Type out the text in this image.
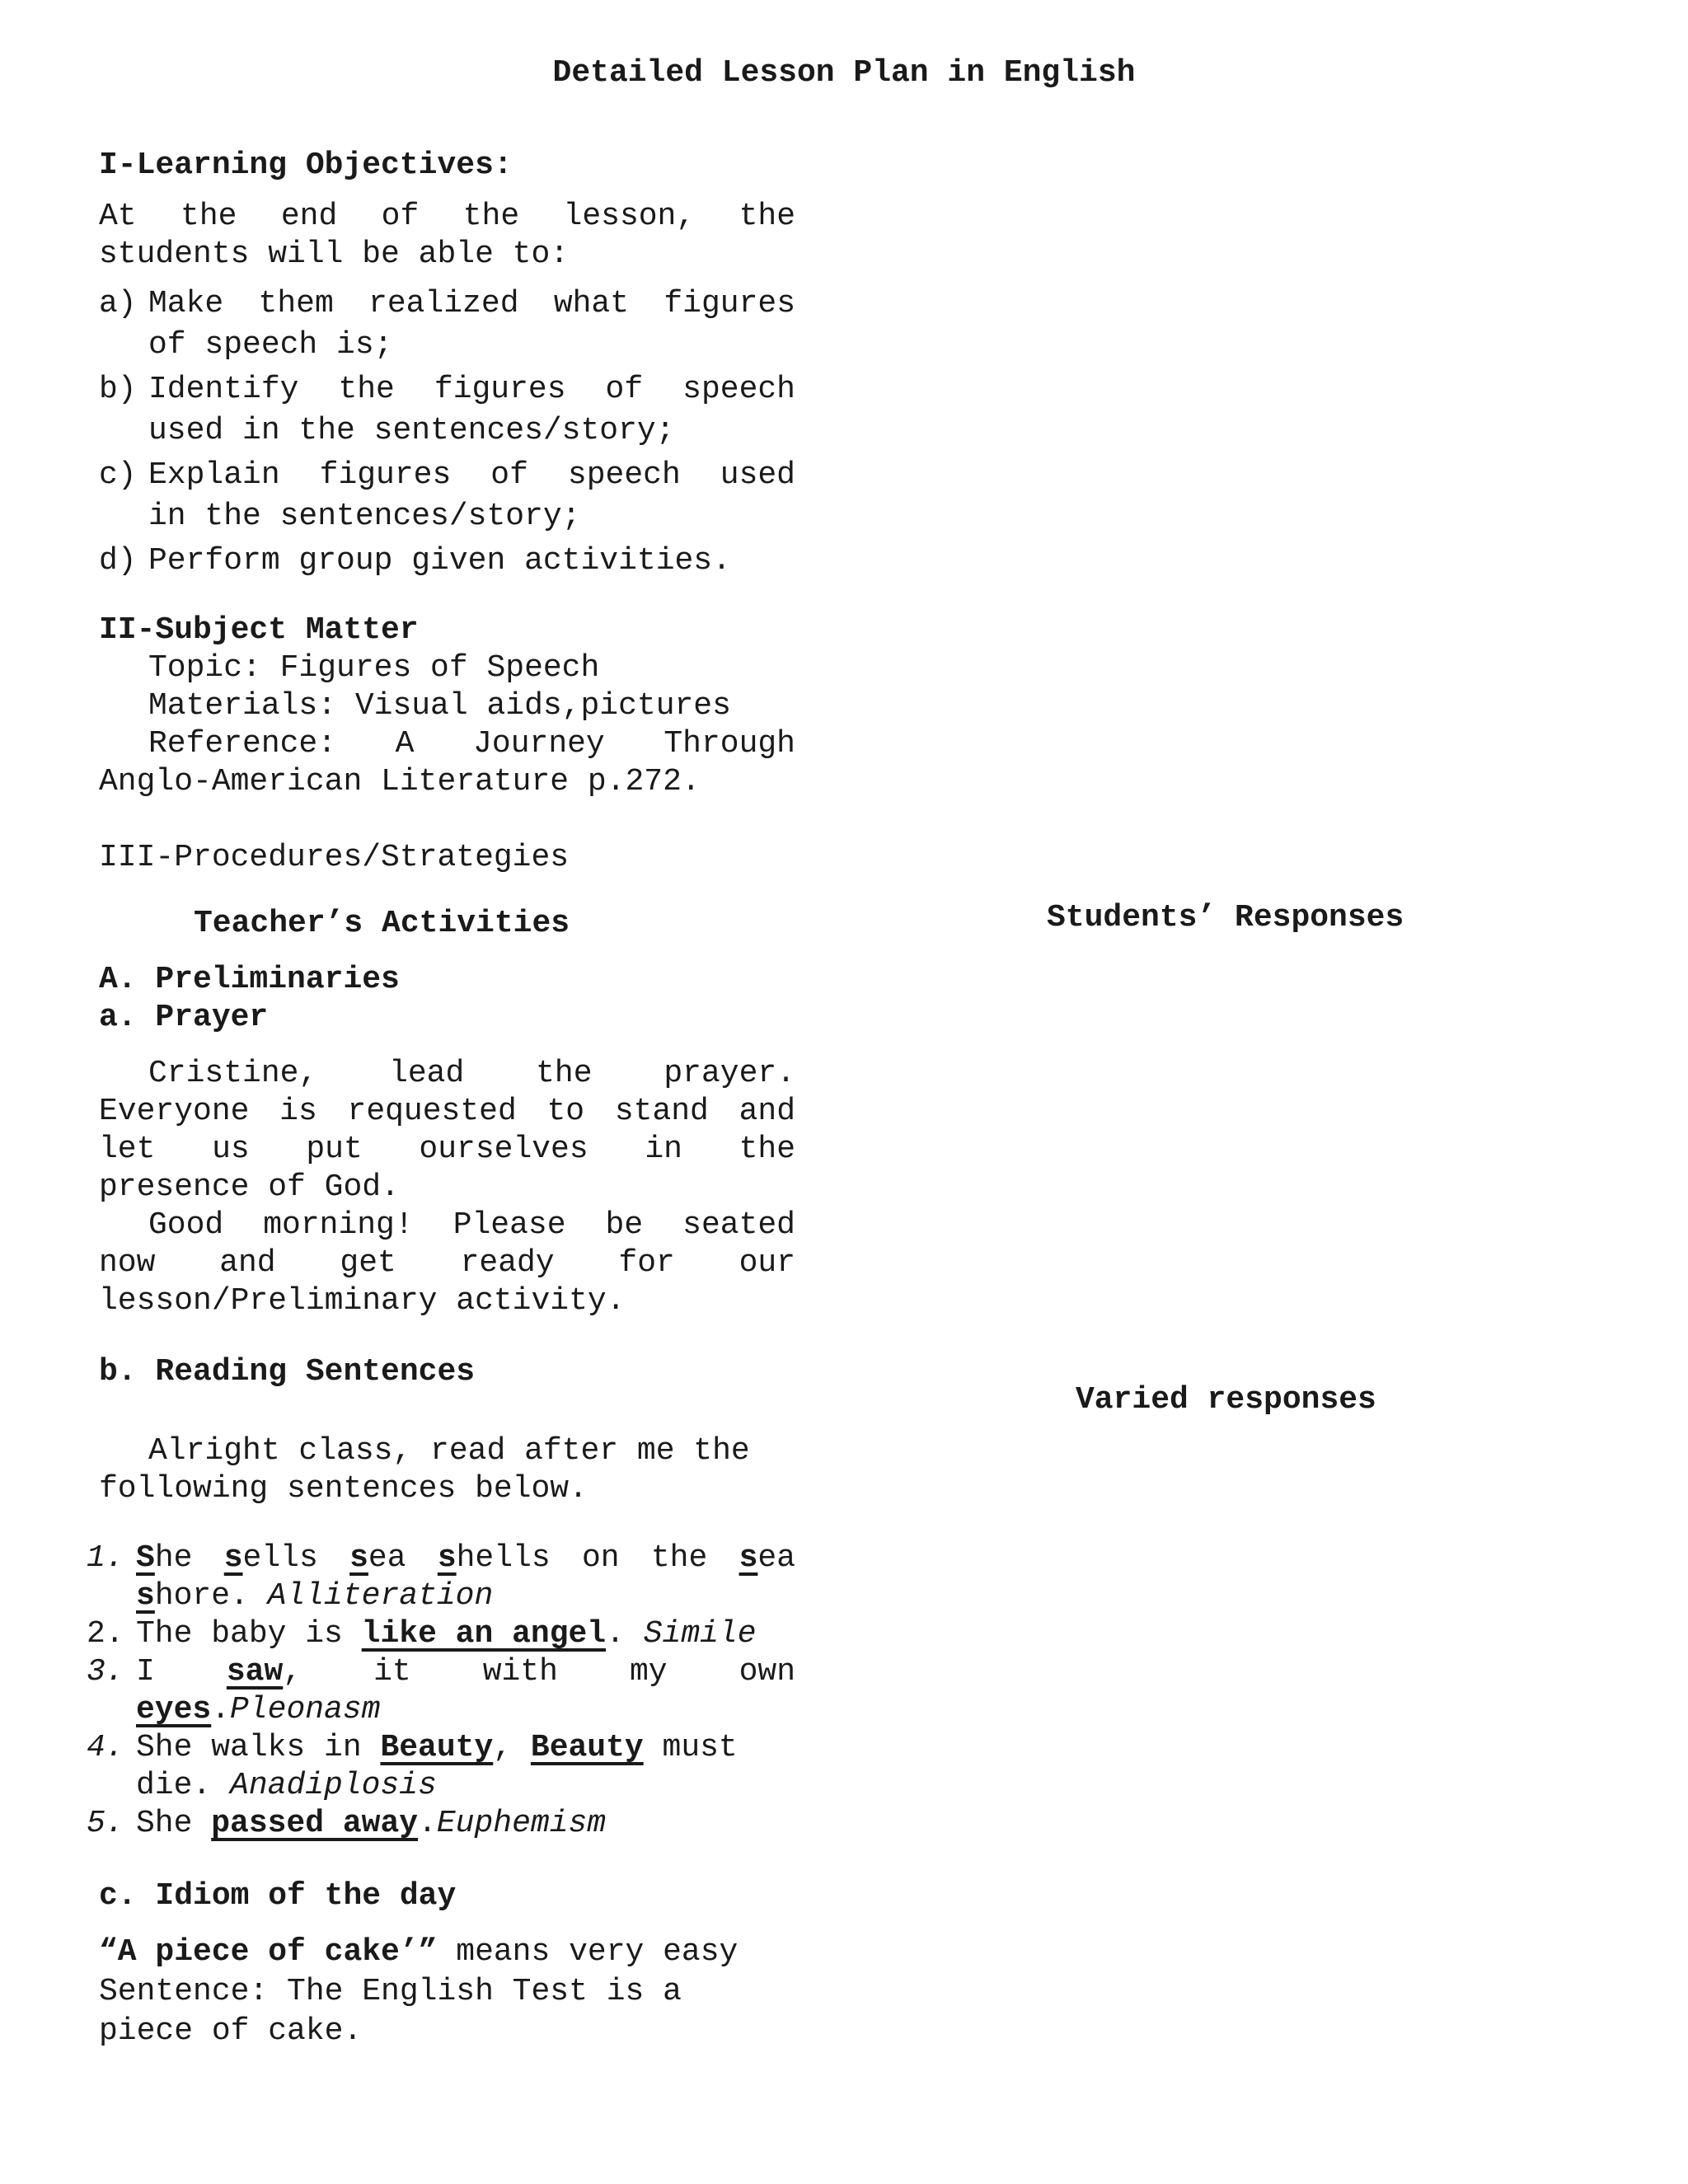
Detailed Lesson Plan in English
I-Learning Objectives:
At the end of the lesson, the
students will be able to:
a) Make them realized what figures
of speech is;
b) Identify the figures of speech
used in the sentences/story;
c) Explain figures of speech used
in the sentences/story;
d) Perform group given activities.
II-Subject Matter
Topic: Figures of Speech
Materials: Visual aids,pictures
Reference: A Journey Through
Anglo-American Literature p.272.
III-Procedures/Strategies
Teacher’s Activities	Students’ Responses
A. Preliminaries
a. Prayer
Cristine, lead the prayer.
Everyone is requested to stand and
let us put ourselves in the
presence of God.
Good morning! Please be seated
now and get ready for our
lesson/Preliminary activity.
b. Reading Sentences
Varied responses
Alright class, read after me the
following sentences below.
1. She sells sea shells on the sea
shore. Alliteration
2. The baby is like an angel. Simile
3. I saw, it with my own
eyes.Pleonasm
4. She walks in Beauty, Beauty must
die. Anadiplosis
5. She passed away.Euphemism
c. Idiom of the day
“A piece of cake’” means very easy
Sentence: The English Test is a
piece of cake.
